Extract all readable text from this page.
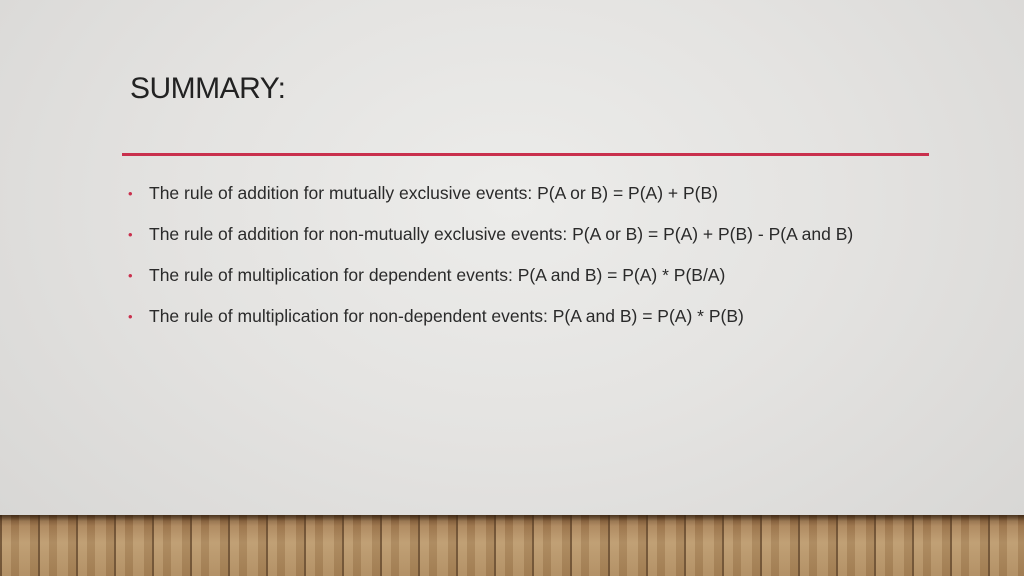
SUMMARY:
• The rule of addition for mutually exclusive events: P(A or B) = P(A) + P(B)
• The rule of addition for non-mutually exclusive events: P(A or B) = P(A) + P(B) - P(A and B)
• The rule of multiplication for dependent events: P(A and B) = P(A) * P(B/A)
• The rule of multiplication for non-dependent events: P(A and B) = P(A) * P(B)
